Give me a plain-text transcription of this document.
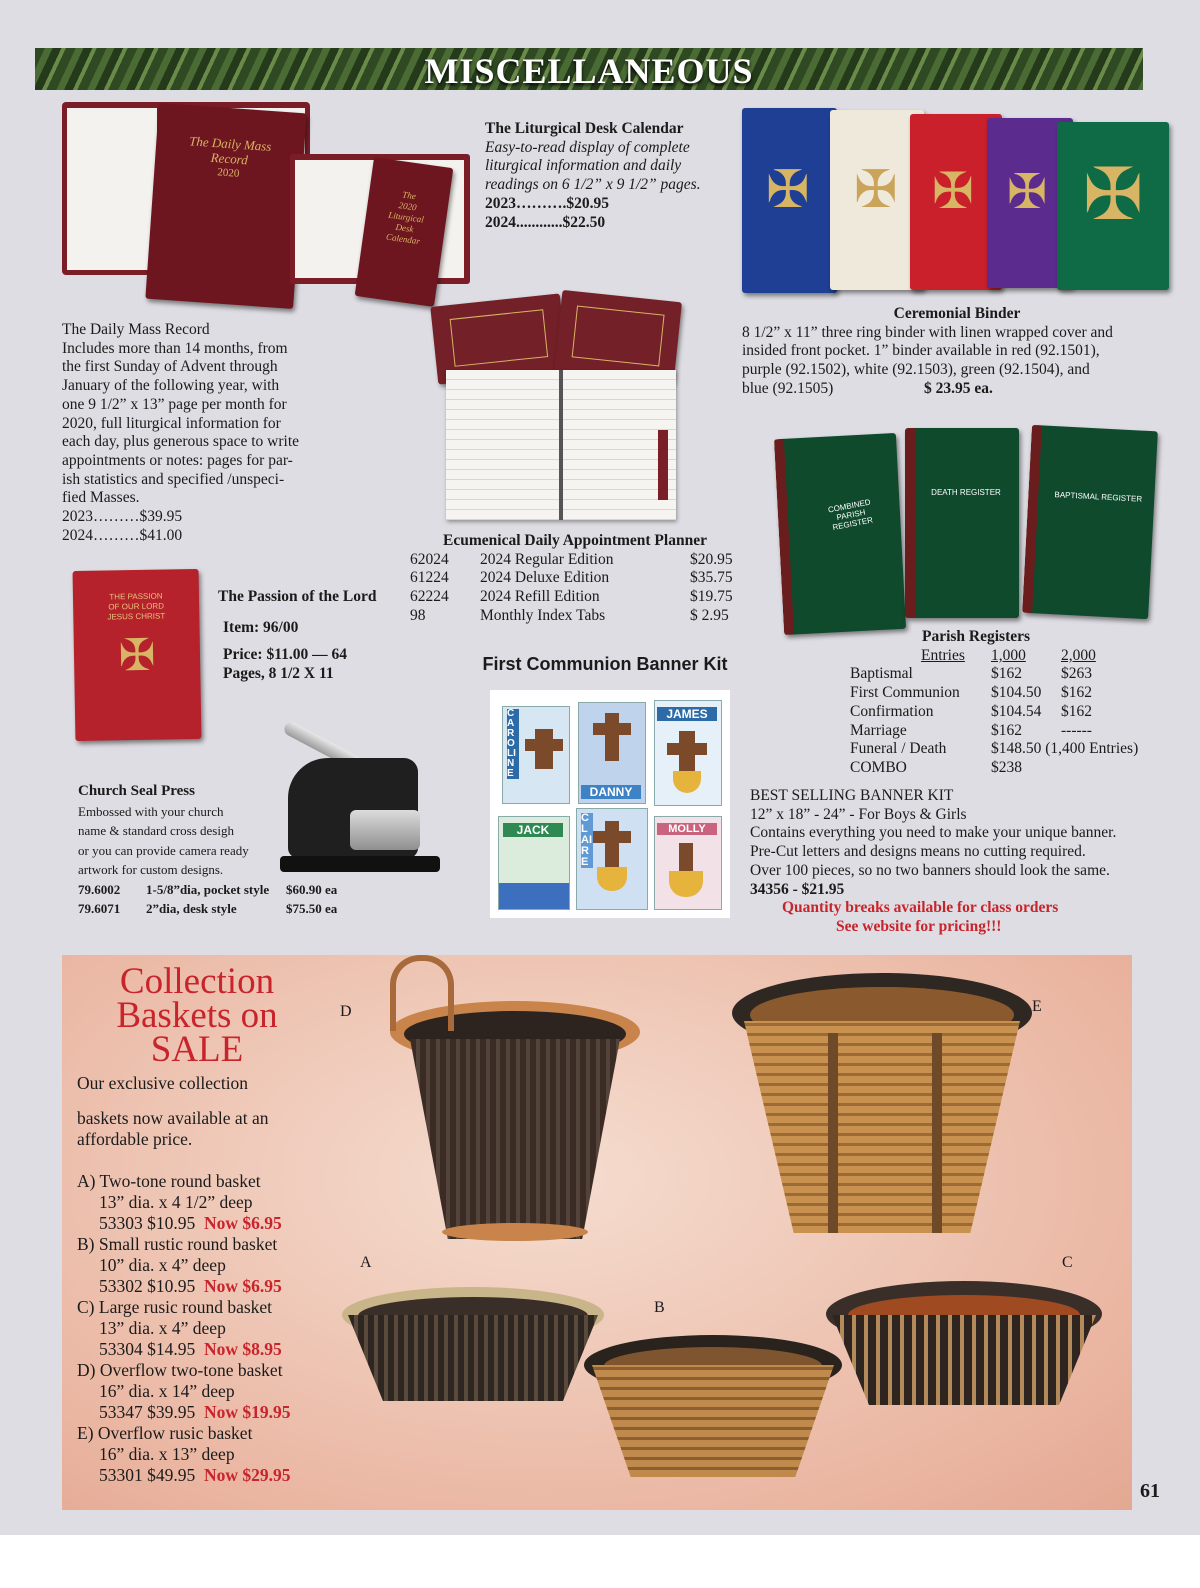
MISCELLANEOUS
The Daily Mass
Record
2020
The
2020
Liturgical
Desk
Calendar
The Liturgical Desk Calendar
Easy-to-read display of complete
liturgical information and daily
readings on 6 1/2” x 9 1/2” pages.
2023……….$20.95
2024............$22.50
✠ ✠ ✠ ✠ ✠
Ceremonial Binder
8 1/2” x 11” three ring binder with linen wrapped cover and
insided front pocket. 1” binder available in red (92.1501),
purple (92.1502), white (92.1503), green (92.1504), and
blue (92.1505)	$ 23.95 ea.
The Daily Mass Record
Includes more than 14 months, from
the first Sunday of Advent through
January of the following year, with
one 9 1/2” x 13” page per month for
2020, full liturgical information for
each day, plus generous space to write
appointments or notes: pages for par-
ish statistics and specified /unspeci-
fied Masses.
2023………$39.95
2024………$41.00	Ecumenical Daily Appointment Planner
62024	2024 Regular Edition	$20.95
61224	2024 Deluxe Edition	$35.75
62224	2024 Refill Edition	$19.75
98	Monthly Index Tabs	$ 2.95
COMBINED PARISH REGISTER
DEATH REGISTER	BAPTISMAL REGISTER
Parish Registers
Entries	1,000	2,000
Baptismal	$162	$263
First Communion	$104.50	$162
Confirmation	$104.54	$162
Marriage	$162	------
Funeral / Death	$148.50 (1,400 Entries)
COMBO	$238
THE PASSION
OF OUR LORD
JESUS CHRIST
✠
The Passion of the Lord
Item: 96/00
Price: $11.00 — 64
Pages, 8 1/2 X 11
Church Seal Press
Embossed with your church
name & standard cross desigh
or you can provide camera ready
artwork for custom designs.
79.6002	1-5/8”dia, pocket style	$60.90 ea
79.6071	2”dia, desk style	$75.50 ea
First Communion Banner Kit
CAROLINE
DANNY
JAMES
JACK
CLAIRE
MOLLY
BEST SELLING BANNER KIT
12” x 18” - 24” - For Boys & Girls
Contains everything you need to make your unique banner.
Pre-Cut letters and designs means no cutting required.
Over 100 pieces, so no two banners should look the same.
34356 - $21.95
Quantity breaks available for class orders
See website for pricing!!!
Collection
Baskets on
SALE
Our exclusive collection
baskets now available at an
affordable price.
A) Two-tone round basket
13” dia. x 4 1/2” deep
53303 $10.95 Now $6.95
B) Small rustic round basket
10” dia. x 4” deep
53302 $10.95 Now $6.95
C) Large rusic round basket
13” dia. x 4” deep
53304 $14.95 Now $8.95
D) Overflow two-tone basket
16” dia. x 14” deep
53347 $39.95 Now $19.95
E) Overflow rusic basket
16” dia. x 13” deep
53301 $49.95 Now $29.95
D	E
A
B
C
61
